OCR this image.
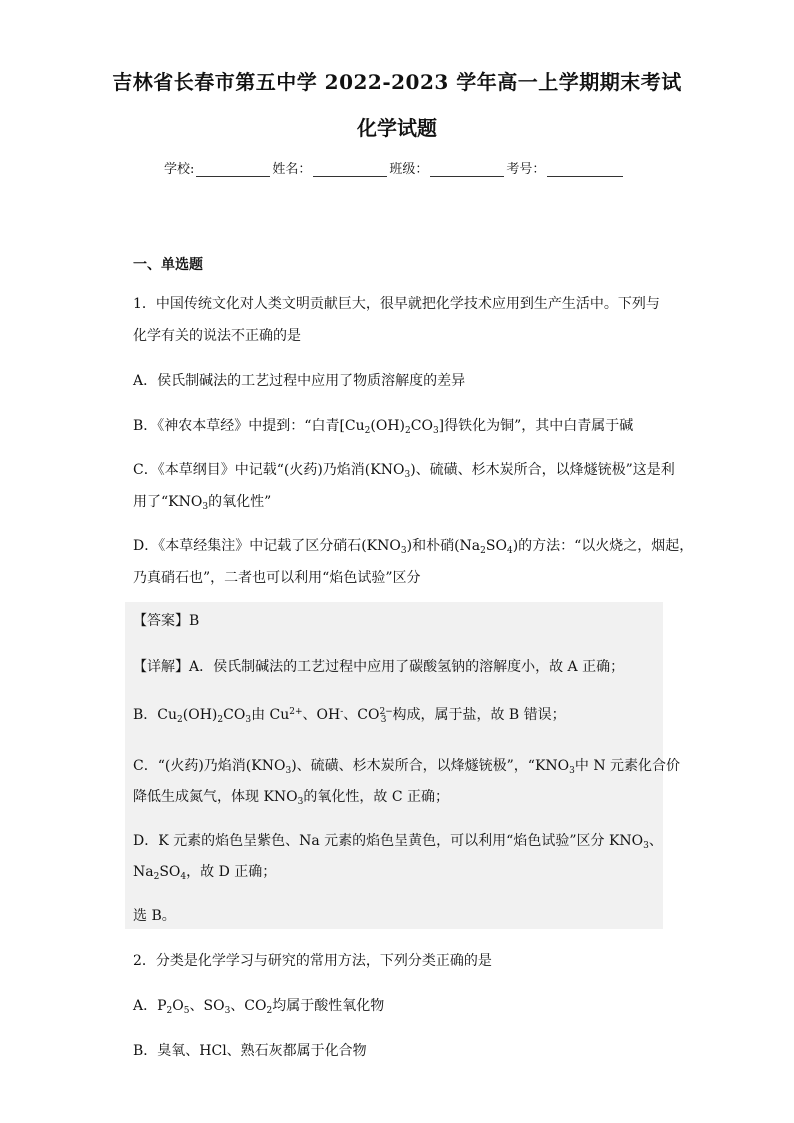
吉林省长春市第五中学 2022-2023 学年高一上学期期末考试
化学试题
学校:	姓名：	班级：	考号：
一、单选题
1．中国传统文化对人类文明贡献巨大，很早就把化学技术应用到生产生活中。下列与
化学有关的说法不正确的是
A．侯氏制碱法的工艺过程中应用了物质溶解度的差异
B．《神农本草经》中提到：“白青$[Cu_2(OH)_2CO_3]$得铁化为铜”，其中白青属于碱
C．《本草纲目》中记载“(火药)乃焰消$(KNO_3)$、硫磺、杉木炭所合，以烽燧铳极”这是利
用了“$KNO_3$的氧化性”
D．《本草经集注》中记载了区分硝石$(KNO_3)$和朴硝$(Na_2SO_4)$的方法：“以火烧之，烟起，
乃真硝石也”，二者也可以利用“焰色试验”区分
【答案】B
【详解】A．侯氏制碱法的工艺过程中应用了碳酸氢钠的溶解度小，故 A 正确；
B．$Cu_2(OH)_2CO_3$由 $Cu^{2+}$、OH-、$CO^{2-}_3$ 构成，属于盐，故 B 错误；
C．“(火药)乃焰消$(KNO_3)$、硫磺、杉木炭所合，以烽燧铳极”，“$KNO_3$中 N 元素化合价
降低生成氮气，体现 $KNO_3$的氧化性，故 C 正确；
D．K 元素的焰色呈紫色、Na 元素的焰色呈黄色，可以利用“焰色试验”区分 $KNO_3$、
$Na_2SO_4$，故 D 正确；
选 B。
2．分类是化学学习与研究的常用方法，下列分类正确的是
A．$P_2O_5$、$SO_3$、$CO_2$均属于酸性氧化物
B．臭氧、HCl、熟石灰都属于化合物
